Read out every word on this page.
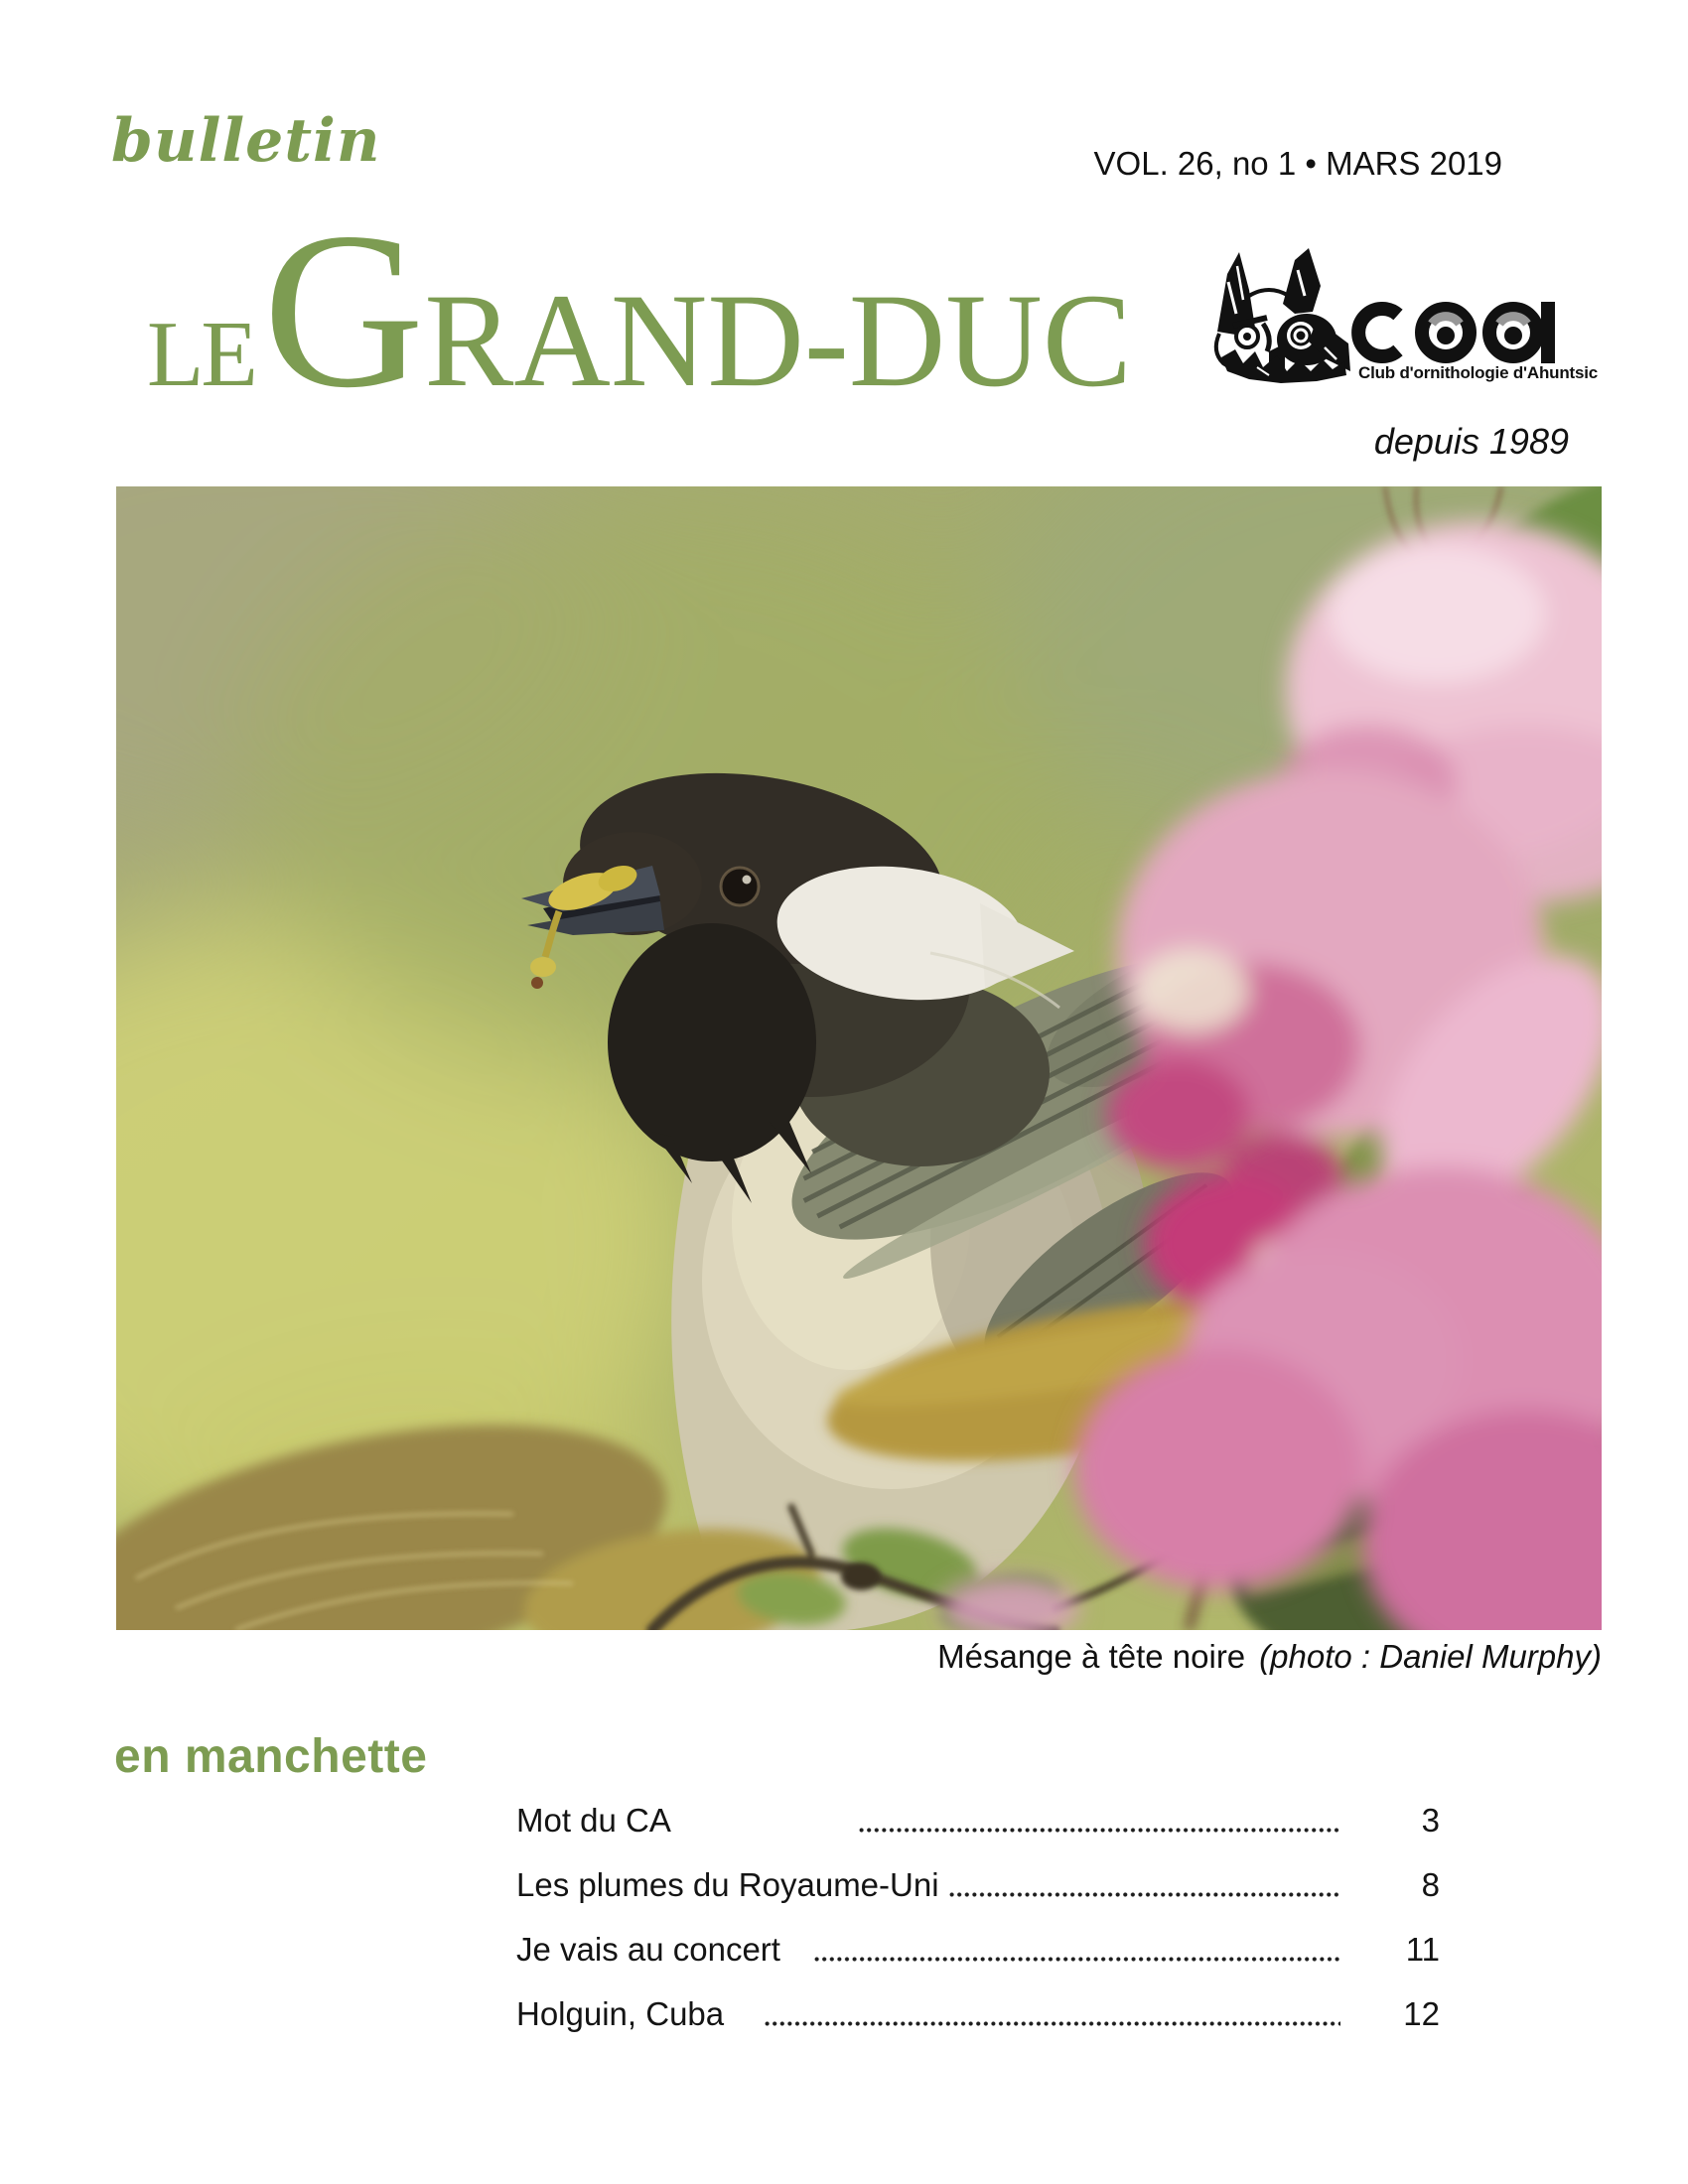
bulletin	VOL. 26, no 1 • MARS 2019
LE G RAND-DUC	Club d'ornithologie d'Ahuntsic
depuis 1989
Mésange à tête noire (photo : Daniel Murphy)
en manchette
Mot du CA	3
Les plumes du Royaume-Uni	8
Je vais au concert	11
Holguin, Cuba	12
